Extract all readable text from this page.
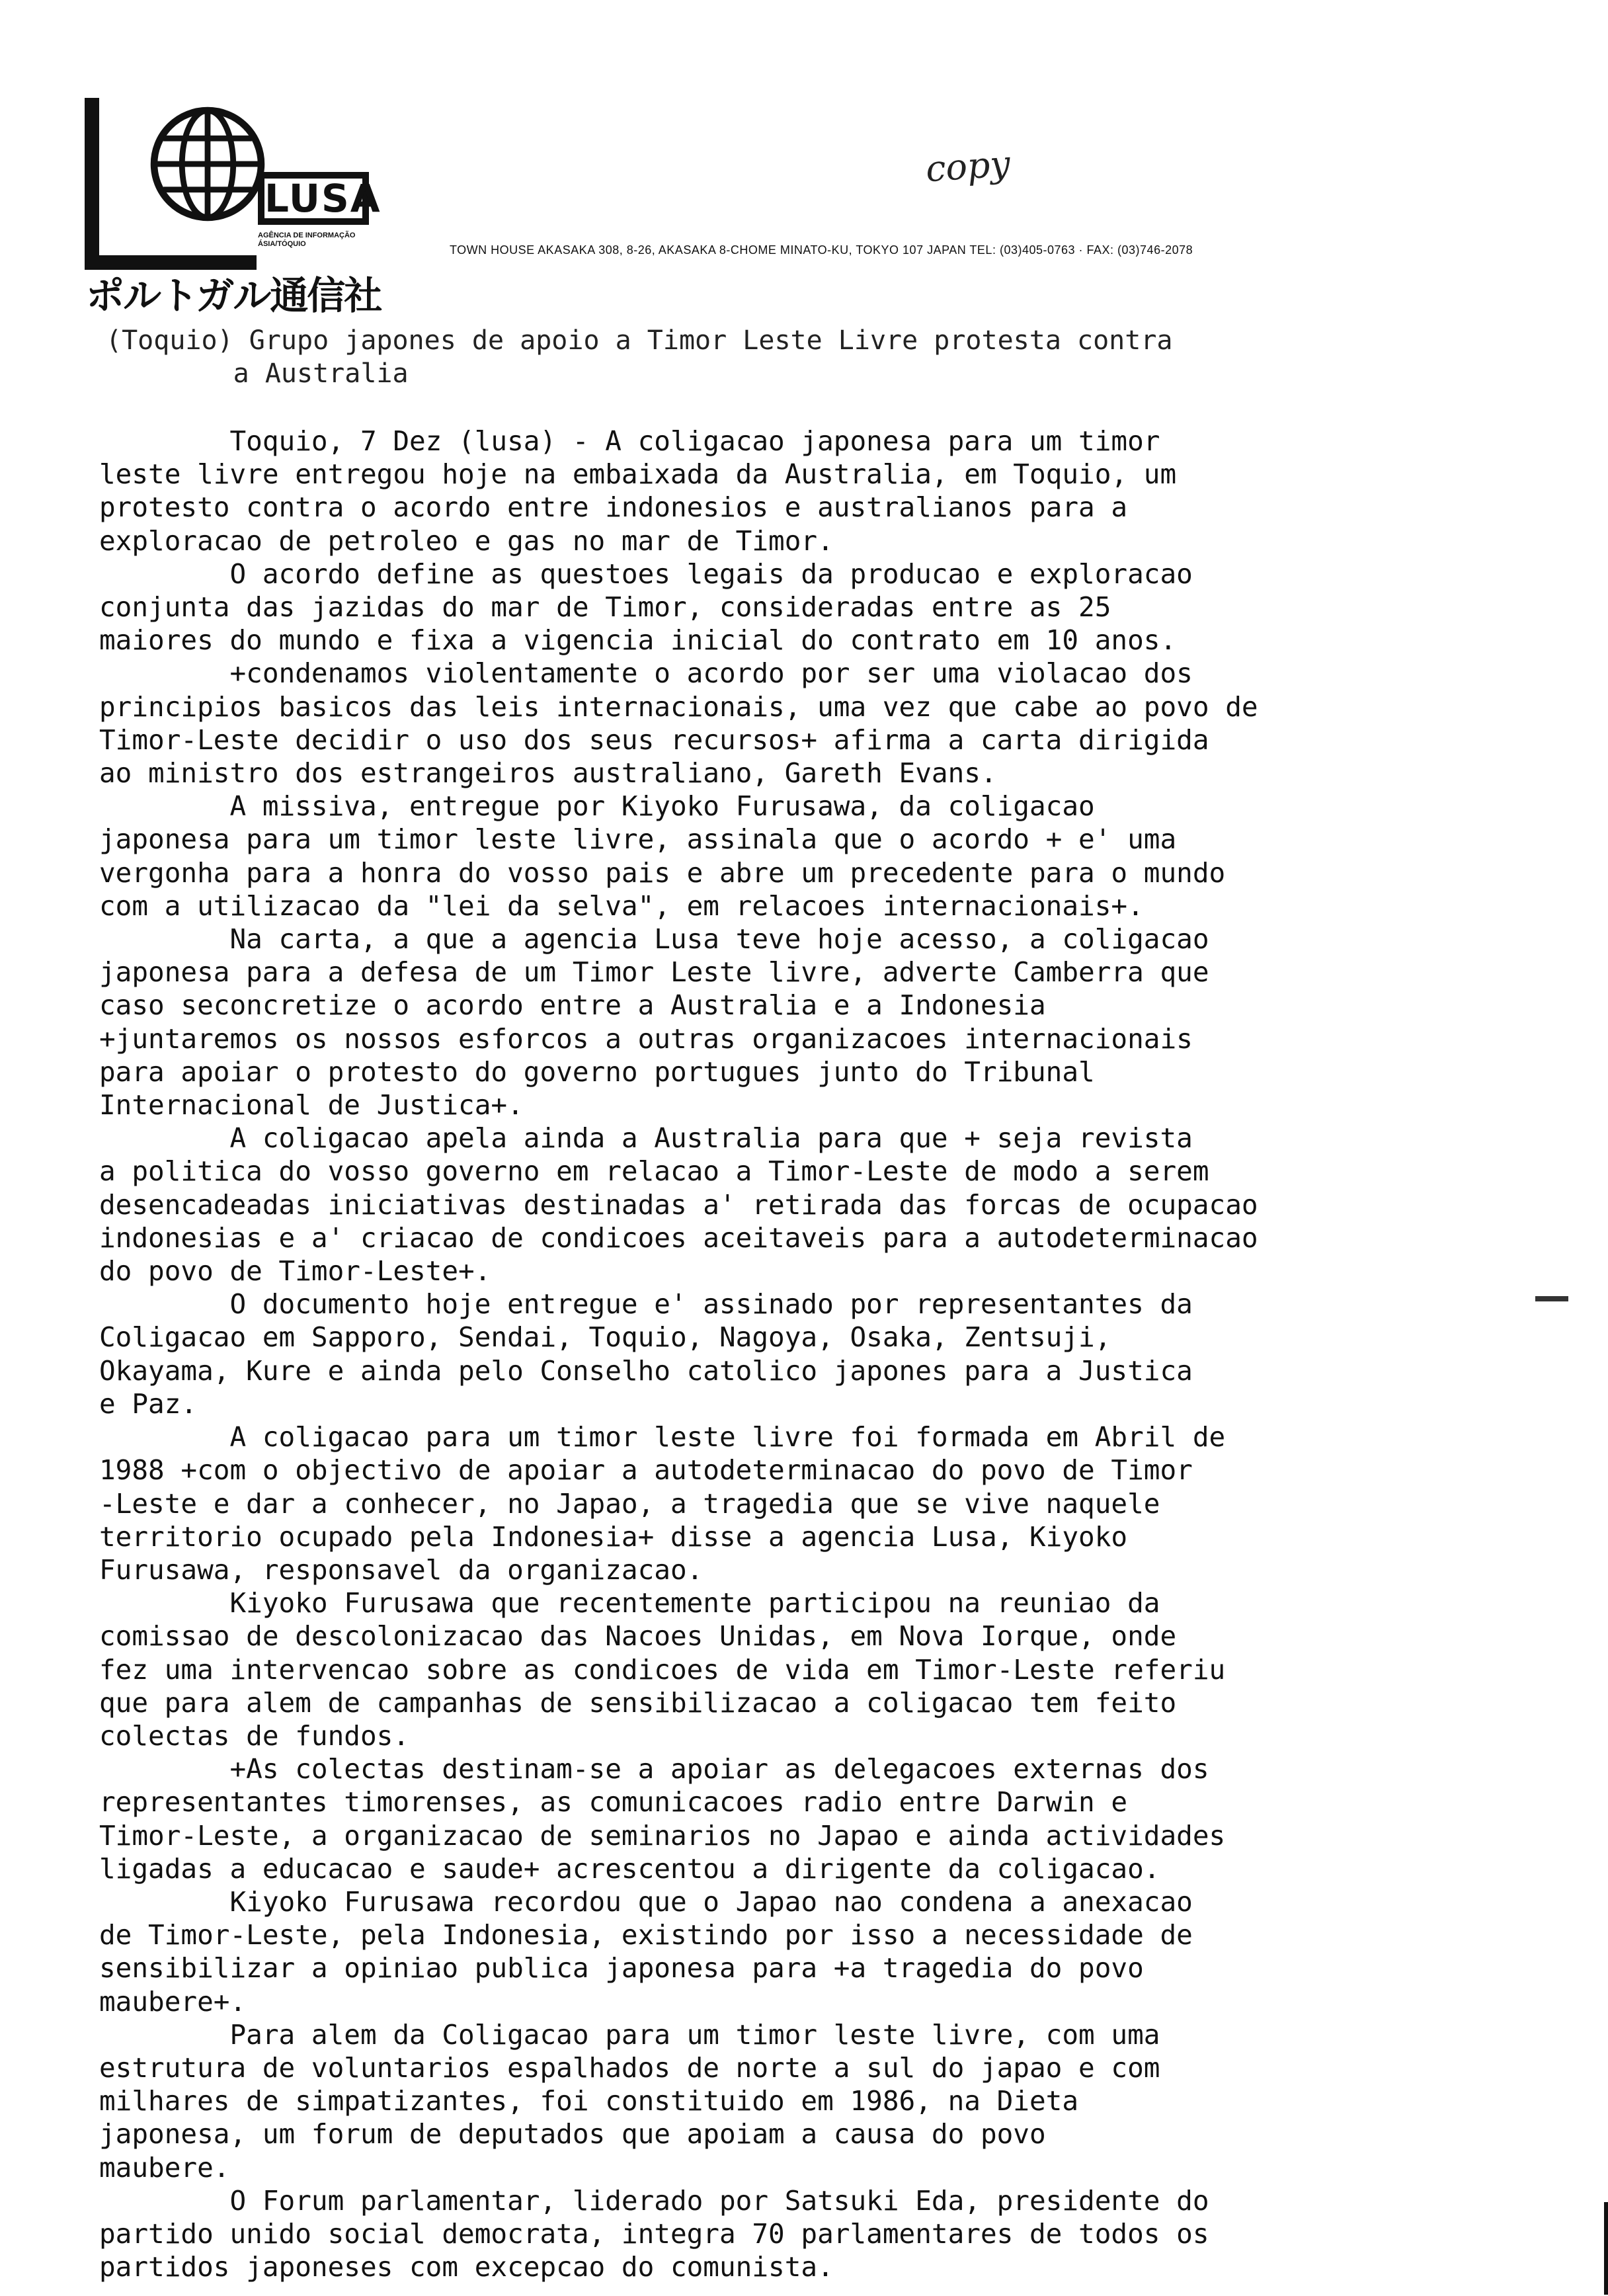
LUSA
AGÊNCIA DE INFORMAÇÃO ÁSIA/TÓQUIO
ポルトガル通信社
TOWN HOUSE AKASAKA 308, 8-26, AKASAKA 8-CHOME MINATO-KU, TOKYO 107 JAPAN TEL: (03)405-0763 · FAX: (03)746-2078
copy
(Toquio) Grupo japones de apoio a Timor Leste Livre protesta contra
a Australia
Toquio, 7 Dez (lusa) - A coligacao japonesa para um timor
leste livre entregou hoje na embaixada da Australia, em Toquio, um
protesto contra o acordo entre indonesios e australianos para a
exploracao de petroleo e gas no mar de Timor.
O acordo define as questoes legais da producao e exploracao
conjunta das jazidas do mar de Timor, consideradas entre as 25
maiores do mundo e fixa a vigencia inicial do contrato em 10 anos.
+condenamos violentamente o acordo por ser uma violacao dos
principios basicos das leis internacionais, uma vez que cabe ao povo de
Timor-Leste decidir o uso dos seus recursos+ afirma a carta dirigida
ao ministro dos estrangeiros australiano, Gareth Evans.
A missiva, entregue por Kiyoko Furusawa, da coligacao
japonesa para um timor leste livre, assinala que o acordo + e' uma
vergonha para a honra do vosso pais e abre um precedente para o mundo
com a utilizacao da "lei da selva", em relacoes internacionais+.
Na carta, a que a agencia Lusa teve hoje acesso, a coligacao
japonesa para a defesa de um Timor Leste livre, adverte Camberra que
caso seconcretize o acordo entre a Australia e a Indonesia
+juntaremos os nossos esforcos a outras organizacoes internacionais
para apoiar o protesto do governo portugues junto do Tribunal
Internacional de Justica+.
A coligacao apela ainda a Australia para que + seja revista
a politica do vosso governo em relacao a Timor-Leste de modo a serem
desencadeadas iniciativas destinadas a' retirada das forcas de ocupacao
indonesias e a' criacao de condicoes aceitaveis para a autodeterminacao
do povo de Timor-Leste+.
O documento hoje entregue e' assinado por representantes da
Coligacao em Sapporo, Sendai, Toquio, Nagoya, Osaka, Zentsuji,
Okayama, Kure e ainda pelo Conselho catolico japones para a Justica
e Paz.
A coligacao para um timor leste livre foi formada em Abril de
1988 +com o objectivo de apoiar a autodeterminacao do povo de Timor
-Leste e dar a conhecer, no Japao, a tragedia que se vive naquele
territorio ocupado pela Indonesia+ disse a agencia Lusa, Kiyoko
Furusawa, responsavel da organizacao.
Kiyoko Furusawa que recentemente participou na reuniao da
comissao de descolonizacao das Nacoes Unidas, em Nova Iorque, onde
fez uma intervencao sobre as condicoes de vida em Timor-Leste referiu
que para alem de campanhas de sensibilizacao a coligacao tem feito
colectas de fundos.
+As colectas destinam-se a apoiar as delegacoes externas dos
representantes timorenses, as comunicacoes radio entre Darwin e
Timor-Leste, a organizacao de seminarios no Japao e ainda actividades
ligadas a educacao e saude+ acrescentou a dirigente da coligacao.
Kiyoko Furusawa recordou que o Japao nao condena a anexacao
de Timor-Leste, pela Indonesia, existindo por isso a necessidade de
sensibilizar a opiniao publica japonesa para +a tragedia do povo
maubere+.
Para alem da Coligacao para um timor leste livre, com uma
estrutura de voluntarios espalhados de norte a sul do japao e com
milhares de simpatizantes, foi constituido em 1986, na Dieta
japonesa, um forum de deputados que apoiam a causa do povo
maubere.
O Forum parlamentar, liderado por Satsuki Eda, presidente do
partido unido social democrata, integra 70 parlamentares de todos os
partidos japoneses com excepcao do comunista.
